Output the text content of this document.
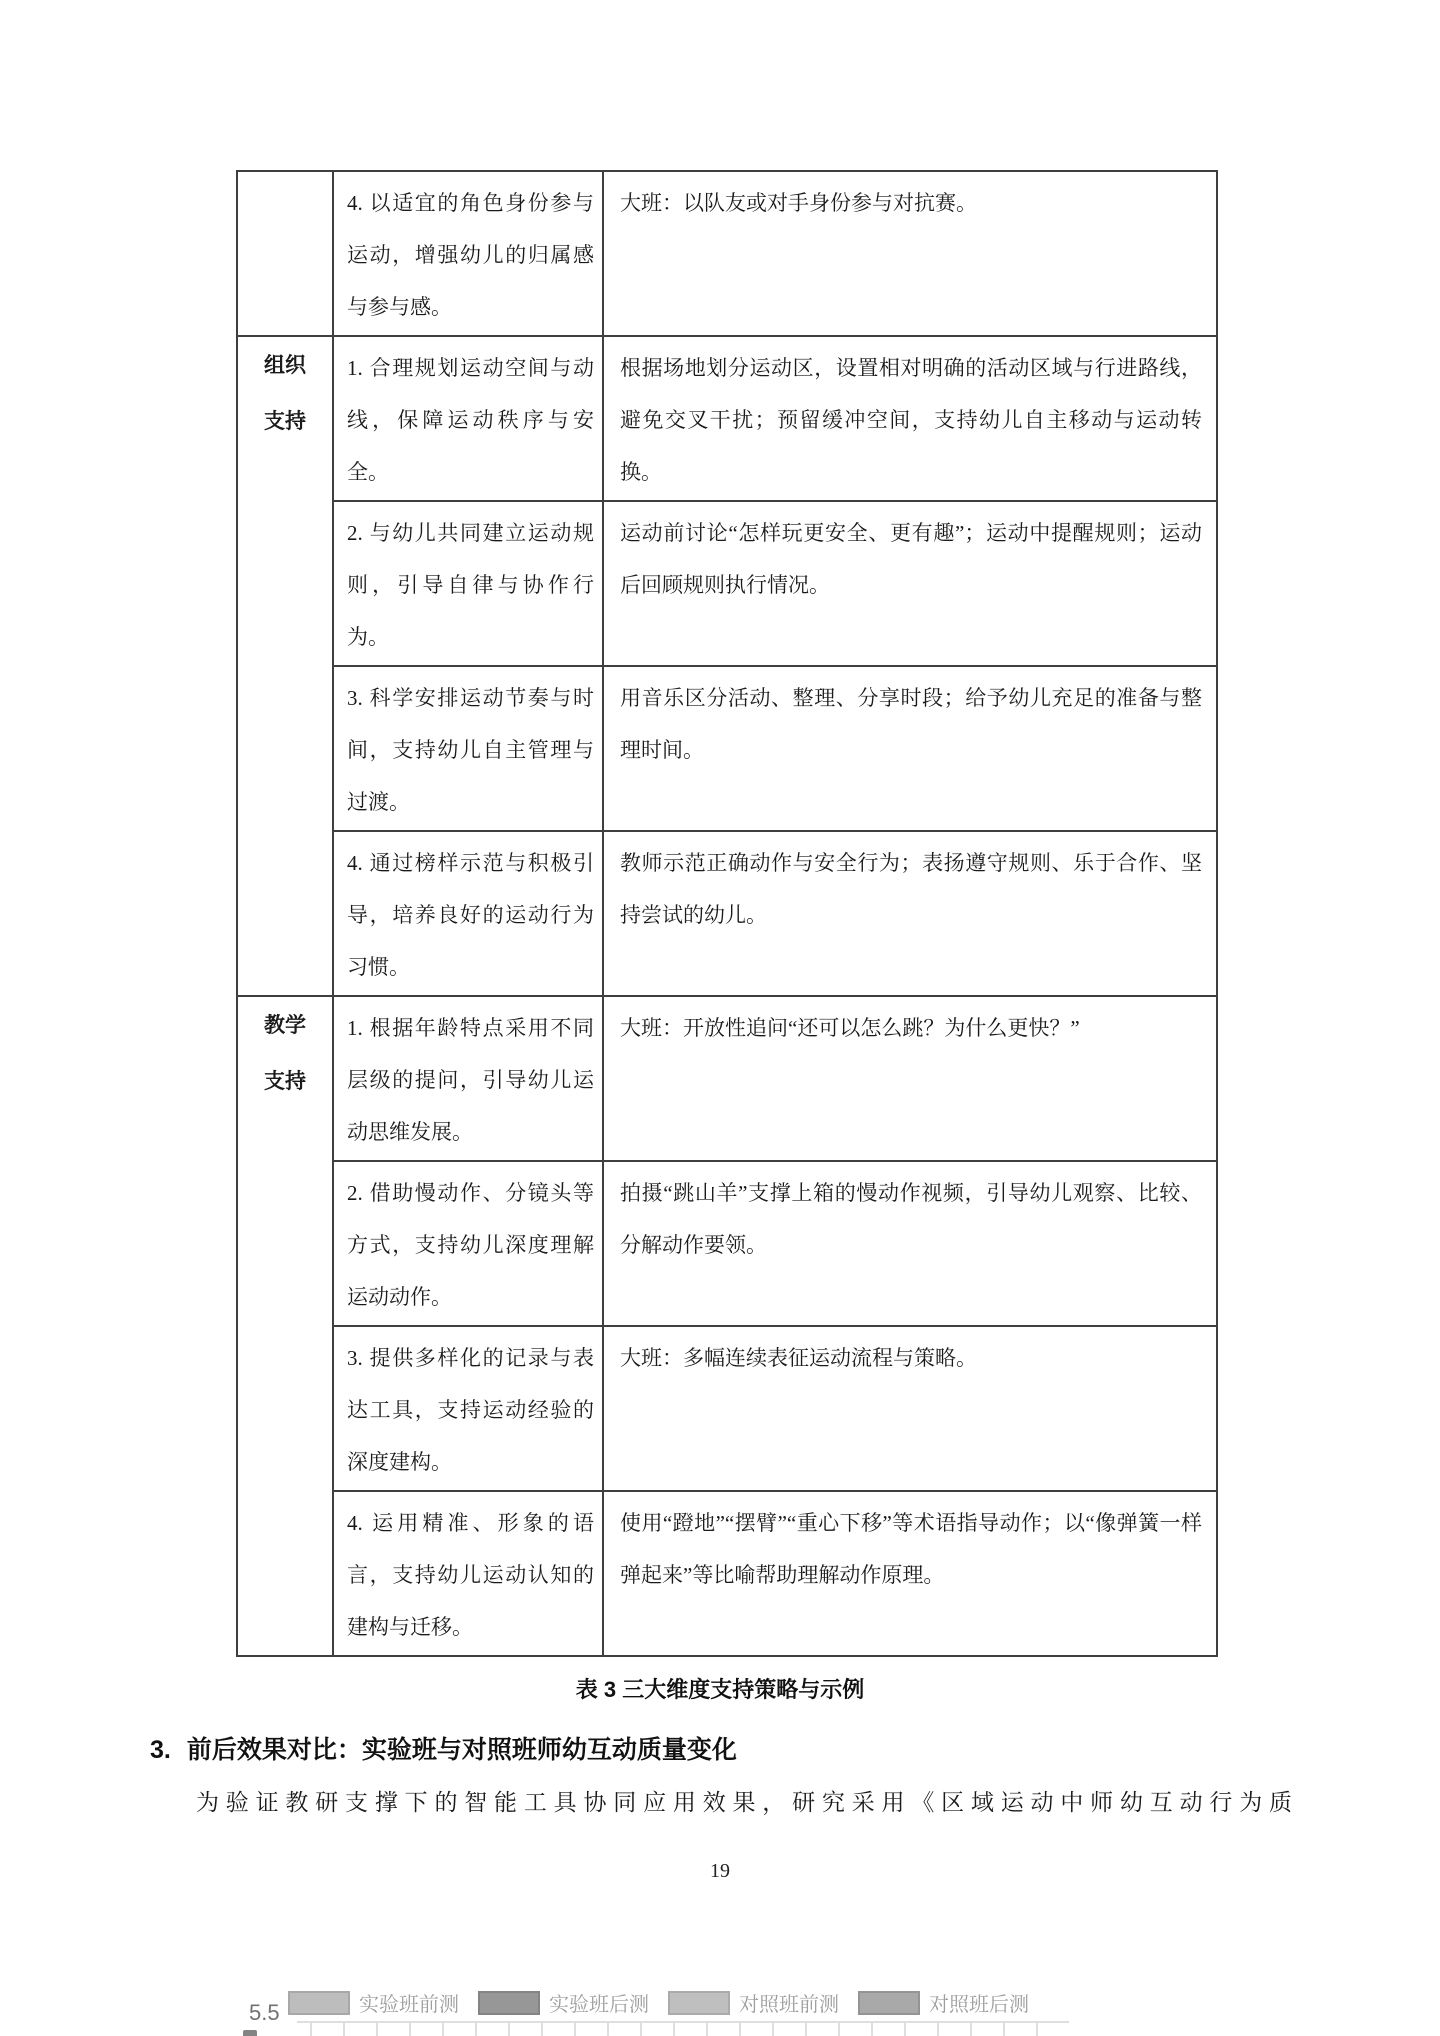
	4. 以适宜的角色身份参与运动，增强幼儿的归属感与参与感。	大班：以队友或对手身份参与对抗赛。
组织支持	1. 合理规划运动空间与动线，保障运动秩序与安全。	根据场地划分运动区，设置相对明确的活动区域与行进路线，避免交叉干扰；预留缓冲空间，支持幼儿自主移动与运动转换。
	2. 与幼儿共同建立运动规则，引导自律与协作行为。	运动前讨论“怎样玩更安全、更有趣”；运动中提醒规则；运动后回顾规则执行情况。
	3. 科学安排运动节奏与时间，支持幼儿自主管理与过渡。	用音乐区分活动、整理、分享时段；给予幼儿充足的准备与整理时间。
	4. 通过榜样示范与积极引导，培养良好的运动行为习惯。	教师示范正确动作与安全行为；表扬遵守规则、乐于合作、坚持尝试的幼儿。
教学支持	1. 根据年龄特点采用不同层级的提问，引导幼儿运动思维发展。	大班：开放性追问“还可以怎么跳？为什么更快？”
	2. 借助慢动作、分镜头等方式，支持幼儿深度理解运动动作。	拍摄“跳山羊”支撑上箱的慢动作视频，引导幼儿观察、比较、分解动作要领。
	3. 提供多样化的记录与表达工具，支持运动经验的深度建构。	大班：多幅连续表征运动流程与策略。
	4. 运用精准、形象的语言，支持幼儿运动认知的建构与迁移。	使用“蹬地”“摆臂”“重心下移”等术语指导动作；以“像弹簧一样弹起来”等比喻帮助理解动作原理。
表 3 三大维度支持策略与示例
3. 前后效果对比：实验班与对照班师幼互动质量变化
为验证教研支撑下的智能工具协同应用效果，研究采用《区域运动中师幼互动行为质
19
实验班前测	实验班后测	对照班前测	对照班后测
5.5
